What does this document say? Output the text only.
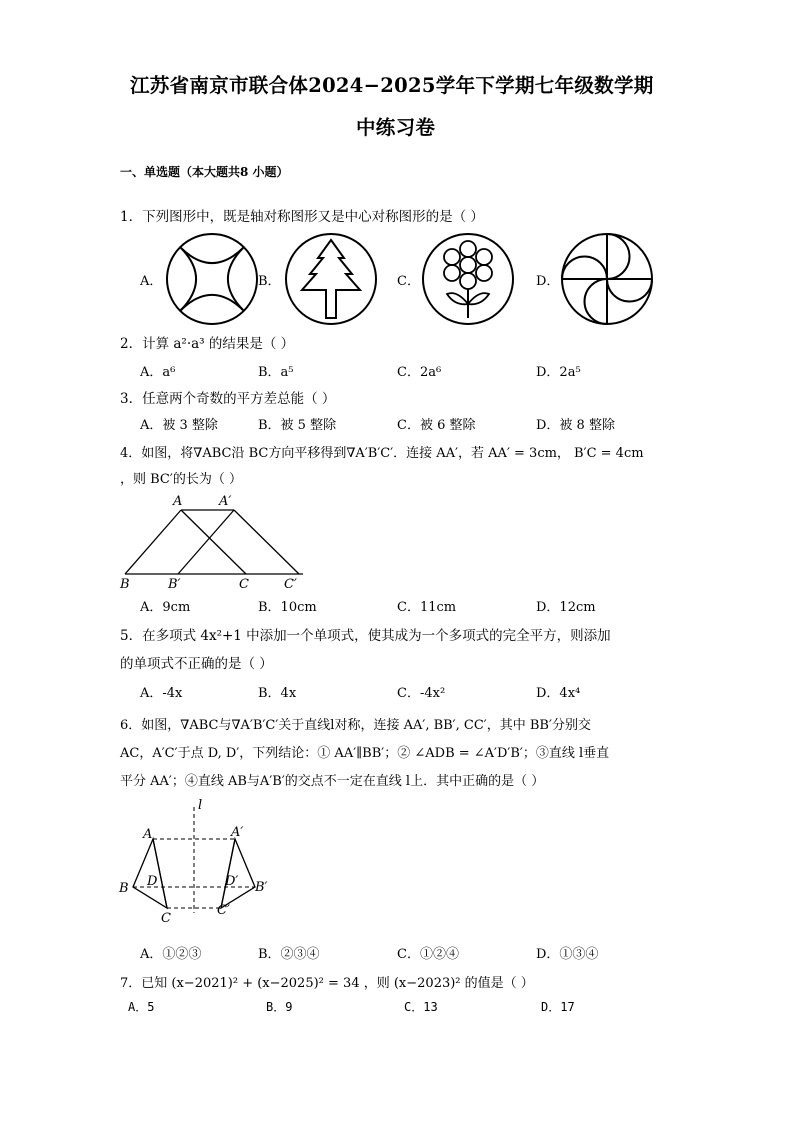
江苏省南京市联合体2024−2025学年下学期七年级数学期
中练习卷
一、单选题（本大题共8 小题）
1．下列图形中，既是轴对称图形又是中心对称图形的是（ ）
A．	B．	C．	D．
2．计算 a²·a³ 的结果是（ ）
A．a⁶	B．a⁵	C．2a⁶	D．2a⁵
3．任意两个奇数的平方差总能（ ）
A．被 3 整除	B．被 5 整除	C．被 6 整除	D．被 8 整除
4．如图，将∇ABC沿 BC方向平移得到∇A′B′C′．连接 AA′，若 AA′ = 3cm， B′C = 4cm
，则 BC′的长为（ ）
A	A′
B	B′	C	C′
A．9cm	B．10cm	C．11cm	D．12cm
5．在多项式 4x²+1 中添加一个单项式，使其成为一个多项式的完全平方，则添加
的单项式不正确的是（ ）
A．-4x	B．4x	C．-4x²	D．4x⁴
6．如图，∇ABC与∇A′B′C′关于直线l对称，连接 AA′, BB′, CC′，其中 BB′分别交
AC，A′C′于点 D, D′，下列结论：① AA′∥BB′；② ∠ADB = ∠A′D′B′；③直线 l垂直
平分 AA′；④直线 AB与A′B′的交点不一定在直线 l上．其中正确的是（ ）
l
A	A′
B	B′
D	D′
C
C′
A．①②③	B．②③④	C．①②④	D．①③④
7．已知 (x−2021)² + (x−2025)² = 34 ，则 (x−2023)² 的值是（ ）
A．5	B．9	C．13	D．17
